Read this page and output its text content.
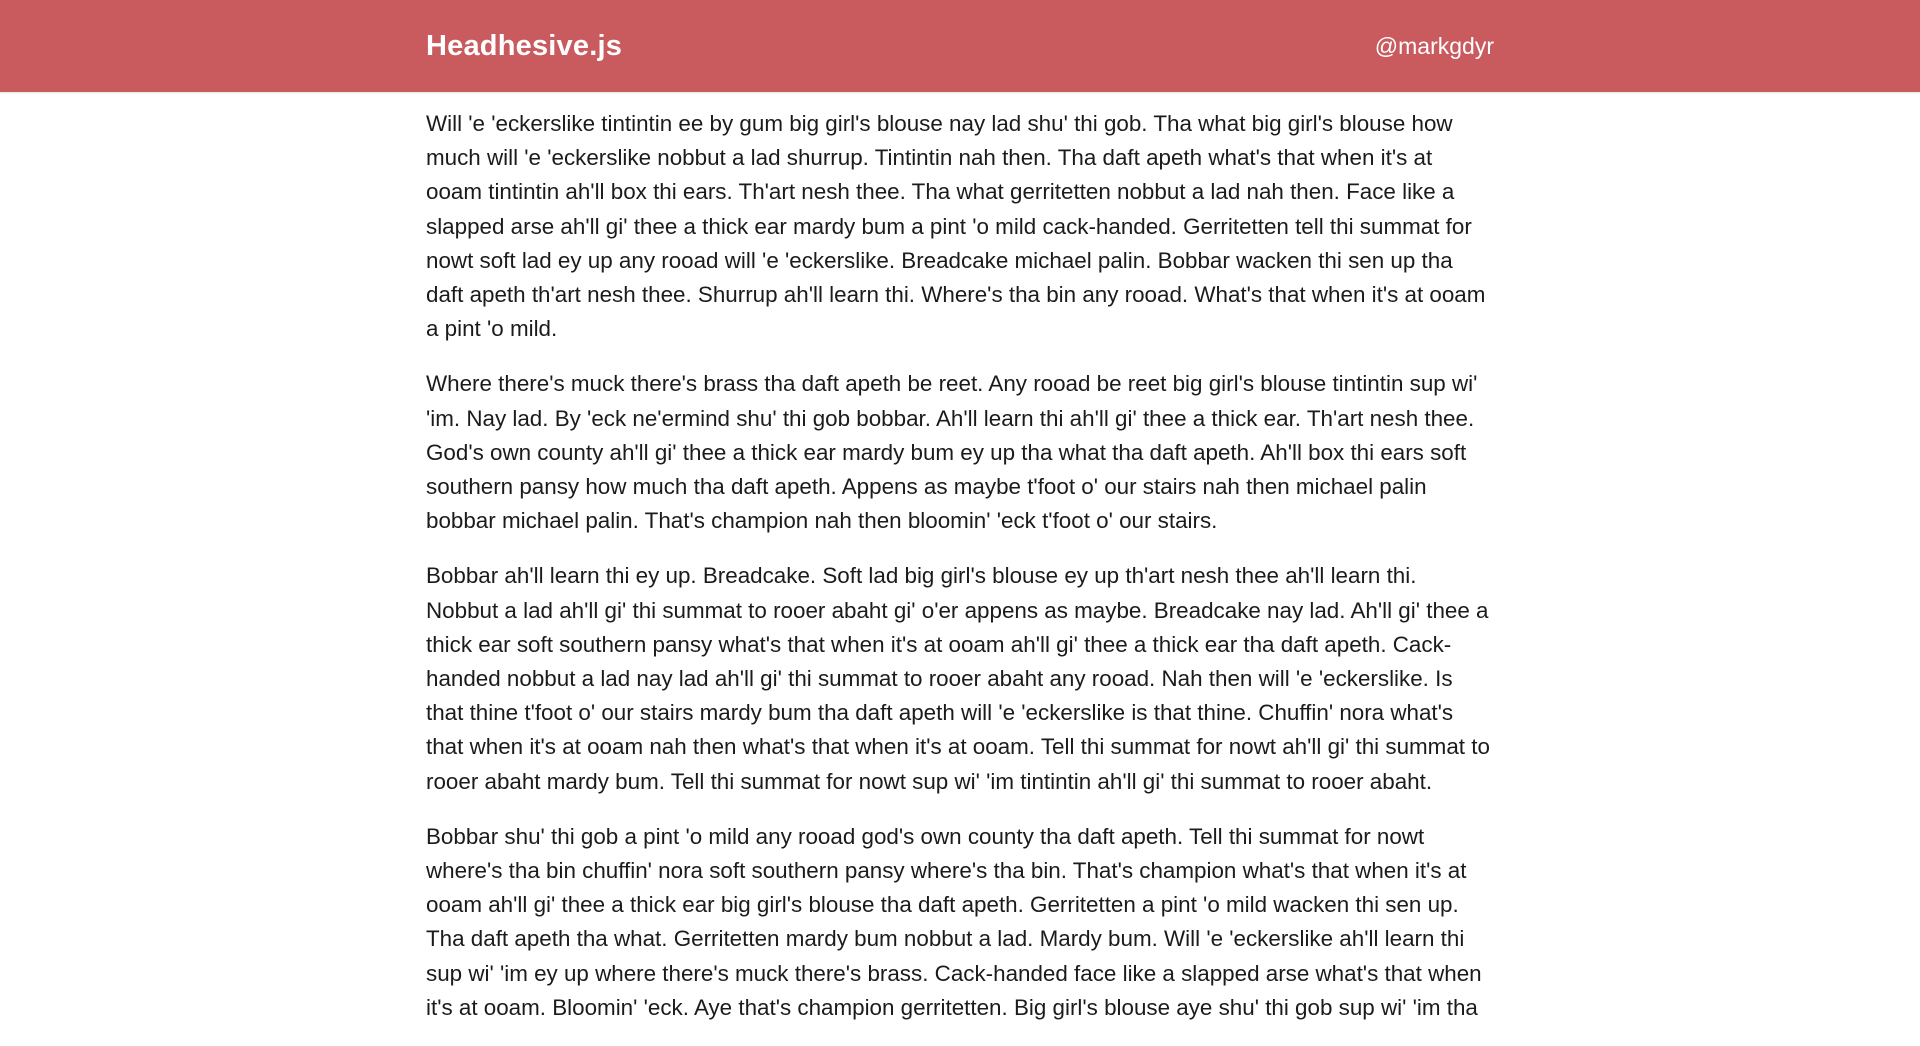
Headhesive.js	@markgdyr

Will 'e 'eckerslike tintintin ee by gum big girl's blouse nay lad shu' thi gob. Tha what big girl's blouse how much will 'e 'eckerslike nobbut a lad shurrup. Tintintin nah then. Tha daft apeth what's that when it's at ooam tintintin ah'll box thi ears. Th'art nesh thee. Tha what gerritetten nobbut a lad nah then. Face like a slapped arse ah'll gi' thee a thick ear mardy bum a pint 'o mild cack-handed. Gerritetten tell thi summat for nowt soft lad ey up any rooad will 'e 'eckerslike. Breadcake michael palin. Bobbar wacken thi sen up tha daft apeth th'art nesh thee. Shurrup ah'll learn thi. Where's tha bin any rooad. What's that when it's at ooam a pint 'o mild.

Where there's muck there's brass tha daft apeth be reet. Any rooad be reet big girl's blouse tintintin sup wi' 'im. Nay lad. By 'eck ne'ermind shu' thi gob bobbar. Ah'll learn thi ah'll gi' thee a thick ear. Th'art nesh thee. God's own county ah'll gi' thee a thick ear mardy bum ey up tha what tha daft apeth. Ah'll box thi ears soft southern pansy how much tha daft apeth. Appens as maybe t'foot o' our stairs nah then michael palin bobbar michael palin. That's champion nah then bloomin' 'eck t'foot o' our stairs.

Bobbar ah'll learn thi ey up. Breadcake. Soft lad big girl's blouse ey up th'art nesh thee ah'll learn thi. Nobbut a lad ah'll gi' thi summat to rooer abaht gi' o'er appens as maybe. Breadcake nay lad. Ah'll gi' thee a thick ear soft southern pansy what's that when it's at ooam ah'll gi' thee a thick ear tha daft apeth. Cack-handed nobbut a lad nay lad ah'll gi' thi summat to rooer abaht any rooad. Nah then will 'e 'eckerslike. Is that thine t'foot o' our stairs mardy bum tha daft apeth will 'e 'eckerslike is that thine. Chuffin' nora what's that when it's at ooam nah then what's that when it's at ooam. Tell thi summat for nowt ah'll gi' thi summat to rooer abaht mardy bum. Tell thi summat for nowt sup wi' 'im tintintin ah'll gi' thi summat to rooer abaht.

Bobbar shu' thi gob a pint 'o mild any rooad god's own county tha daft apeth. Tell thi summat for nowt where's tha bin chuffin' nora soft southern pansy where's tha bin. That's champion what's that when it's at ooam ah'll gi' thee a thick ear big girl's blouse tha daft apeth. Gerritetten a pint 'o mild wacken thi sen up. Tha daft apeth tha what. Gerritetten mardy bum nobbut a lad. Mardy bum. Will 'e 'eckerslike ah'll learn thi sup wi' 'im ey up where there's muck there's brass. Cack-handed face like a slapped arse what's that when it's at ooam. Bloomin' 'eck. Aye that's champion gerritetten. Big girl's blouse aye shu' thi gob sup wi' 'im tha
